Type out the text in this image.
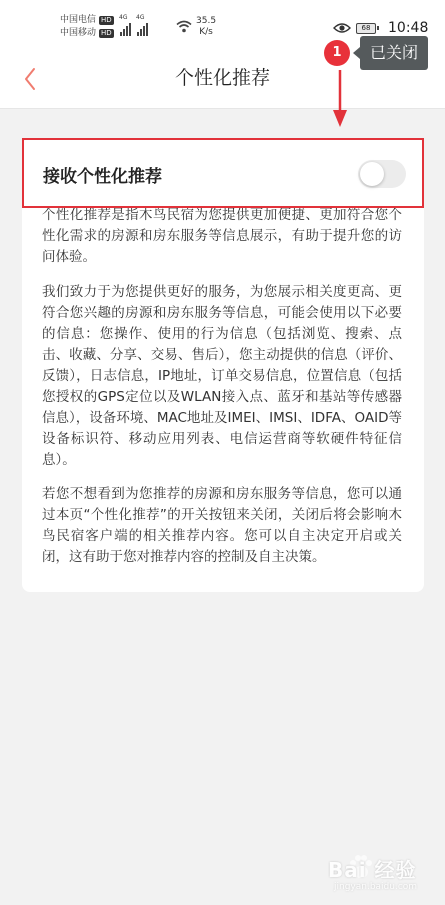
中国电信 HD
中国移动 HD
4G 4G	35.5
K/s	68	10:48
个性化推荐
1	已关闭
接收个性化推荐

个性化推荐是指木鸟民宿为您提供更加便捷、更加符合您个性化需求的房源和房东服务等信息展示，有助于提升您的访问体验。

我们致力于为您提供更好的服务，为您展示相关度更高、更符合您兴趣的房源和房东服务等信息，可能会使用以下必要的信息：您操作、使用的行为信息（包括浏览、搜索、点击、收藏、分享、交易、售后），您主动提供的信息（评价、反馈），日志信息，IP地址，订单交易信息，位置信息（包括您授权的GPS定位以及WLAN接入点、蓝牙和基站等传感器信息），设备环境、MAC地址及IMEI、IMSI、IDFA、OAID等设备标识符、移动应用列表、电信运营商等软硬件特征信息）。

若您不想看到为您推荐的房源和房东服务等信息，您可以通过本页“个性化推荐”的开关按钮来关闭，关闭后将会影响木鸟民宿客户端的相关推荐内容。您可以自主决定开启或关闭，这有助于您对推荐内容的控制及自主决策。

Bai 经验
jingyan.baidu.com
